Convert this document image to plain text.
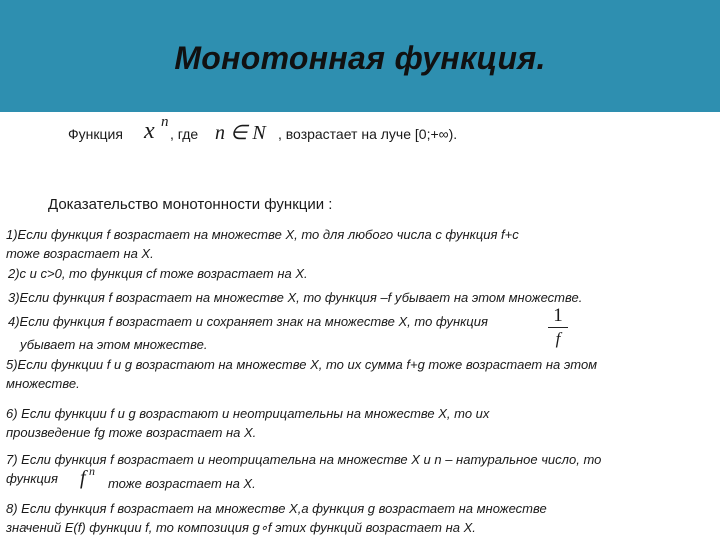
Монотонная функция.
Функция x n
, где n ∈ N , возрастает на луче [0;+∞).
Доказательство монотонности функции :
1)Если функция f возрастает на множестве X, то для любого числа c функция f+c
тоже возрастает на X.
2)c и c>0, то функция cf тоже возрастает на X.
3)Если функция f возрастает на множестве X, то функция –f убывает на этом множестве.
4)Если функция f возрастает и сохраняет знак на множестве X, то функция	1
f
убывает на этом множестве.
5)Если функции f и g возрастают на множестве X, то их сумма f+g тоже возрастает на этом
множестве.
6) Если функции f и g возрастают и неотрицательны на множестве X, то их
произведение fg тоже возрастает на X.
7) Если функция f возрастает и неотрицательна на множестве X и n – натуральное число, то
функция f n
тоже возрастает на X.
8) Если функция f возрастает на множестве X,а функция g возрастает на множестве
значений E(f) функции f, то композиция g∘f этих функций возрастает на X.
